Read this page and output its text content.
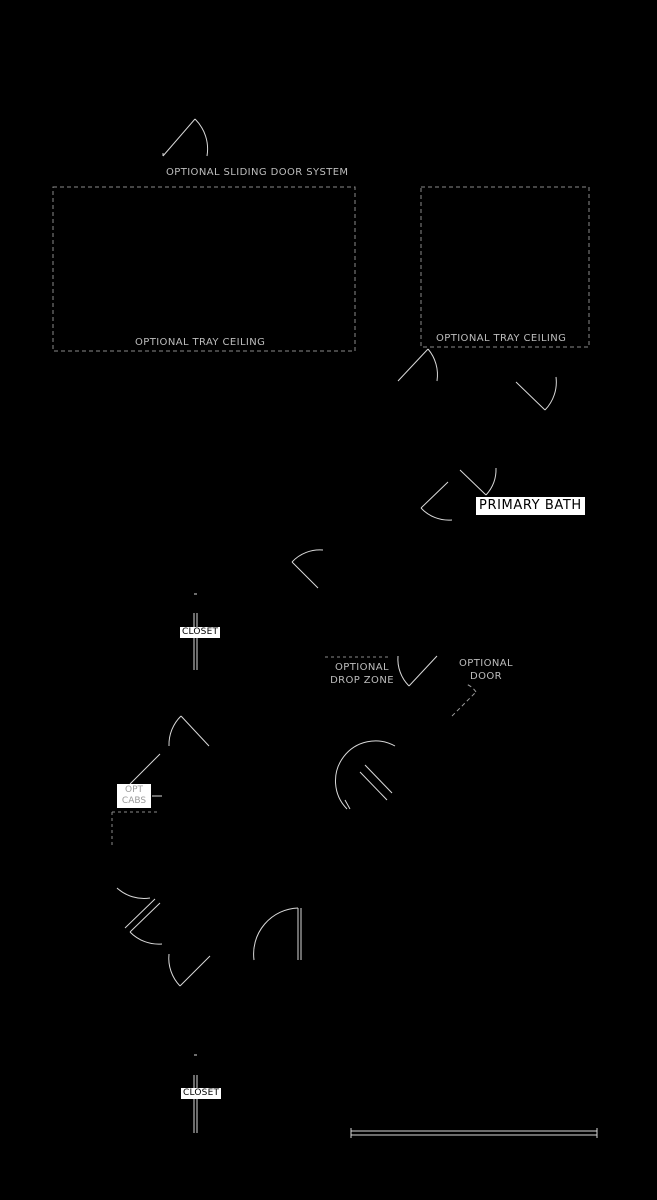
OPTIONAL SLIDING DOOR SYSTEM
OPTIONAL TRAY CEILING	OPTIONAL TRAY CEILING
PRIMARY BATH
CLOSET
CLOSET
OPTIONAL
DROP ZONE
OPTIONAL
DOOR
OPT
CABS
